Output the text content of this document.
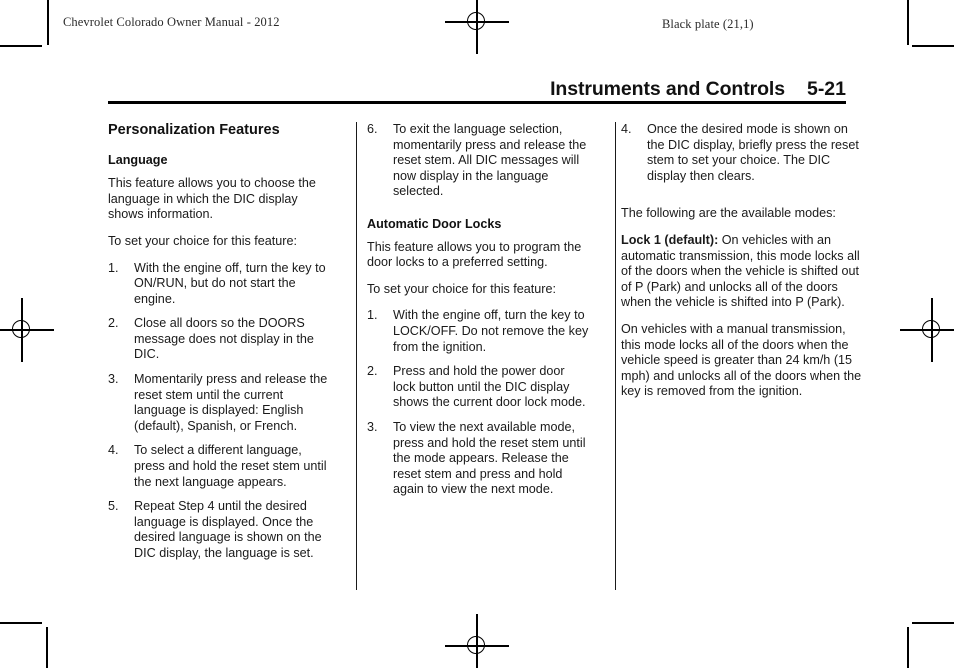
Chevrolet Colorado Owner Manual - 2012	Black plate (21,1)
Instruments and Controls 5-21
Personalization Features
Language

This feature allows you to choose the language in which the DIC display shows information.

To set your choice for this feature:

1.	With the engine off, turn the key to ON/RUN, but do not start the engine.
2.	Close all doors so the DOORS message does not display in the DIC.
3.	Momentarily press and release the reset stem until the current language is displayed: English (default), Spanish, or French.
4.	To select a different language, press and hold the reset stem until the next language appears.
5.	Repeat Step 4 until the desired language is displayed. Once the desired language is shown on the DIC display, the language is set.
6.	To exit the language selection, momentarily press and release the reset stem. All DIC messages will now display in the language selected.
Automatic Door Locks

This feature allows you to program the door locks to a preferred setting.

To set your choice for this feature:

1.	With the engine off, turn the key to LOCK/OFF. Do not remove the key from the ignition.
2.	Press and hold the power door lock button until the DIC display shows the current door lock mode.
3.	To view the next available mode, press and hold the reset stem until the mode appears. Release the reset stem and press and hold again to view the next mode.
4.	Once the desired mode is shown on the DIC display, briefly press the reset stem to set your choice. The DIC display then clears.

The following are the available modes:

Lock 1 (default): On vehicles with an automatic transmission, this mode locks all of the doors when the vehicle is shifted out of P (Park) and unlocks all of the doors when the vehicle is shifted into P (Park).

On vehicles with a manual transmission, this mode locks all of the doors when the vehicle speed is greater than 24 km/h (15 mph) and unlocks all of the doors when the key is removed from the ignition.
